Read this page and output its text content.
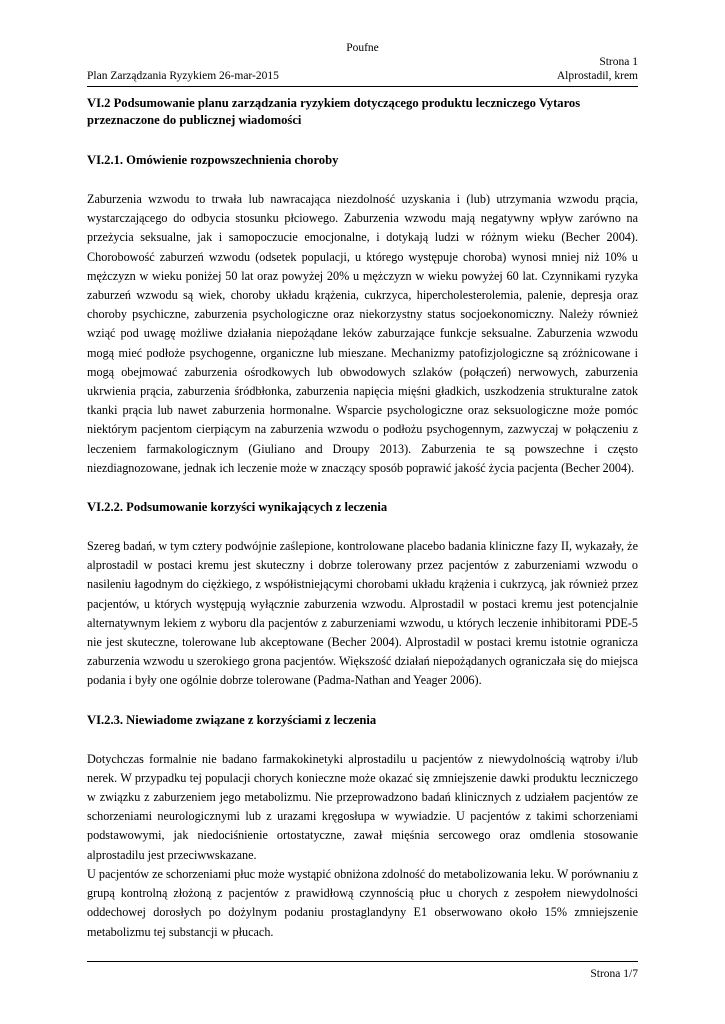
Poufne
Strona 1
Plan Zarządzania Ryzykiem 26-mar-2015	Alprostadil, krem
VI.2 Podsumowanie planu zarządzania ryzykiem dotyczącego produktu leczniczego Vytaros przeznaczone do publicznej wiadomości
VI.2.1. Omówienie rozpowszechnienia choroby

Zaburzenia wzwodu to trwała lub nawracająca niezdolność uzyskania i (lub) utrzymania wzwodu prącia, wystarczającego do odbycia stosunku płciowego. Zaburzenia wzwodu mają negatywny wpływ zarówno na przeżycia seksualne, jak i samopoczucie emocjonalne, i dotykają ludzi w różnym wieku (Becher 2004). Chorobowość zaburzeń wzwodu (odsetek populacji, u którego występuje choroba) wynosi mniej niż 10% u mężczyzn w wieku poniżej 50 lat oraz powyżej 20% u mężczyzn w wieku powyżej 60 lat. Czynnikami ryzyka zaburzeń wzwodu są wiek, choroby układu krążenia, cukrzyca, hipercholesterolemia, palenie, depresja oraz choroby psychiczne, zaburzenia psychologiczne oraz niekorzystny status socjoekonomiczny. Należy również wziąć pod uwagę możliwe działania niepożądane leków zaburzające funkcje seksualne. Zaburzenia wzwodu mogą mieć podłoże psychogenne, organiczne lub mieszane. Mechanizmy patofizjologiczne są zróżnicowane i mogą obejmować zaburzenia ośrodkowych lub obwodowych szlaków (połączeń) nerwowych, zaburzenia ukrwienia prącia, zaburzenia śródbłonka, zaburzenia napięcia mięśni gładkich, uszkodzenia strukturalne zatok tkanki prącia lub nawet zaburzenia hormonalne. Wsparcie psychologiczne oraz seksuologiczne może pomóc niektórym pacjentom cierpiącym na zaburzenia wzwodu o podłożu psychogennym, zazwyczaj w połączeniu z leczeniem farmakologicznym (Giuliano and Droupy 2013). Zaburzenia te są powszechne i często niezdiagnozowane, jednak ich leczenie może w znaczący sposób poprawić jakość życia pacjenta (Becher 2004).

VI.2.2. Podsumowanie korzyści wynikających z leczenia

Szereg badań, w tym cztery podwójnie zaślepione, kontrolowane placebo badania kliniczne fazy II, wykazały, że alprostadil w postaci kremu jest skuteczny i dobrze tolerowany przez pacjentów z zaburzeniami wzwodu o nasileniu łagodnym do ciężkiego, z współistniejącymi chorobami układu krążenia i cukrzycą, jak również przez pacjentów, u których występują wyłącznie zaburzenia wzwodu. Alprostadil w postaci kremu jest potencjalnie alternatywnym lekiem z wyboru dla pacjentów z zaburzeniami wzwodu, u których leczenie inhibitorami PDE-5 nie jest skuteczne, tolerowane lub akceptowane (Becher 2004). Alprostadil w postaci kremu istotnie ogranicza zaburzenia wzwodu u szerokiego grona pacjentów. Większość działań niepożądanych ograniczała się do miejsca podania i były one ogólnie dobrze tolerowane (Padma-Nathan and Yeager 2006).

VI.2.3. Niewiadome związane z korzyściami z leczenia

Dotychczas formalnie nie badano farmakokinetyki alprostadilu u pacjentów z niewydolnością wątroby i/lub nerek. W przypadku tej populacji chorych konieczne może okazać się zmniejszenie dawki produktu leczniczego w związku z zaburzeniem jego metabolizmu. Nie przeprowadzono badań klinicznych z udziałem pacjentów ze schorzeniami neurologicznymi lub z urazami kręgosłupa w wywiadzie. U pacjentów z takimi schorzeniami podstawowymi, jak niedociśnienie ortostatyczne, zawał mięśnia sercowego oraz omdlenia stosowanie alprostadilu jest przeciwwskazane.

U pacjentów ze schorzeniami płuc może wystąpić obniżona zdolność do metabolizowania leku. W porównaniu z grupą kontrolną złożoną z pacjentów z prawidłową czynnością płuc u chorych z zespołem niewydolności oddechowej dorosłych po dożylnym podaniu prostaglandyny E1 obserwowano około 15% zmniejszenie metabolizmu tej substancji w płucach.

Strona 1/7
